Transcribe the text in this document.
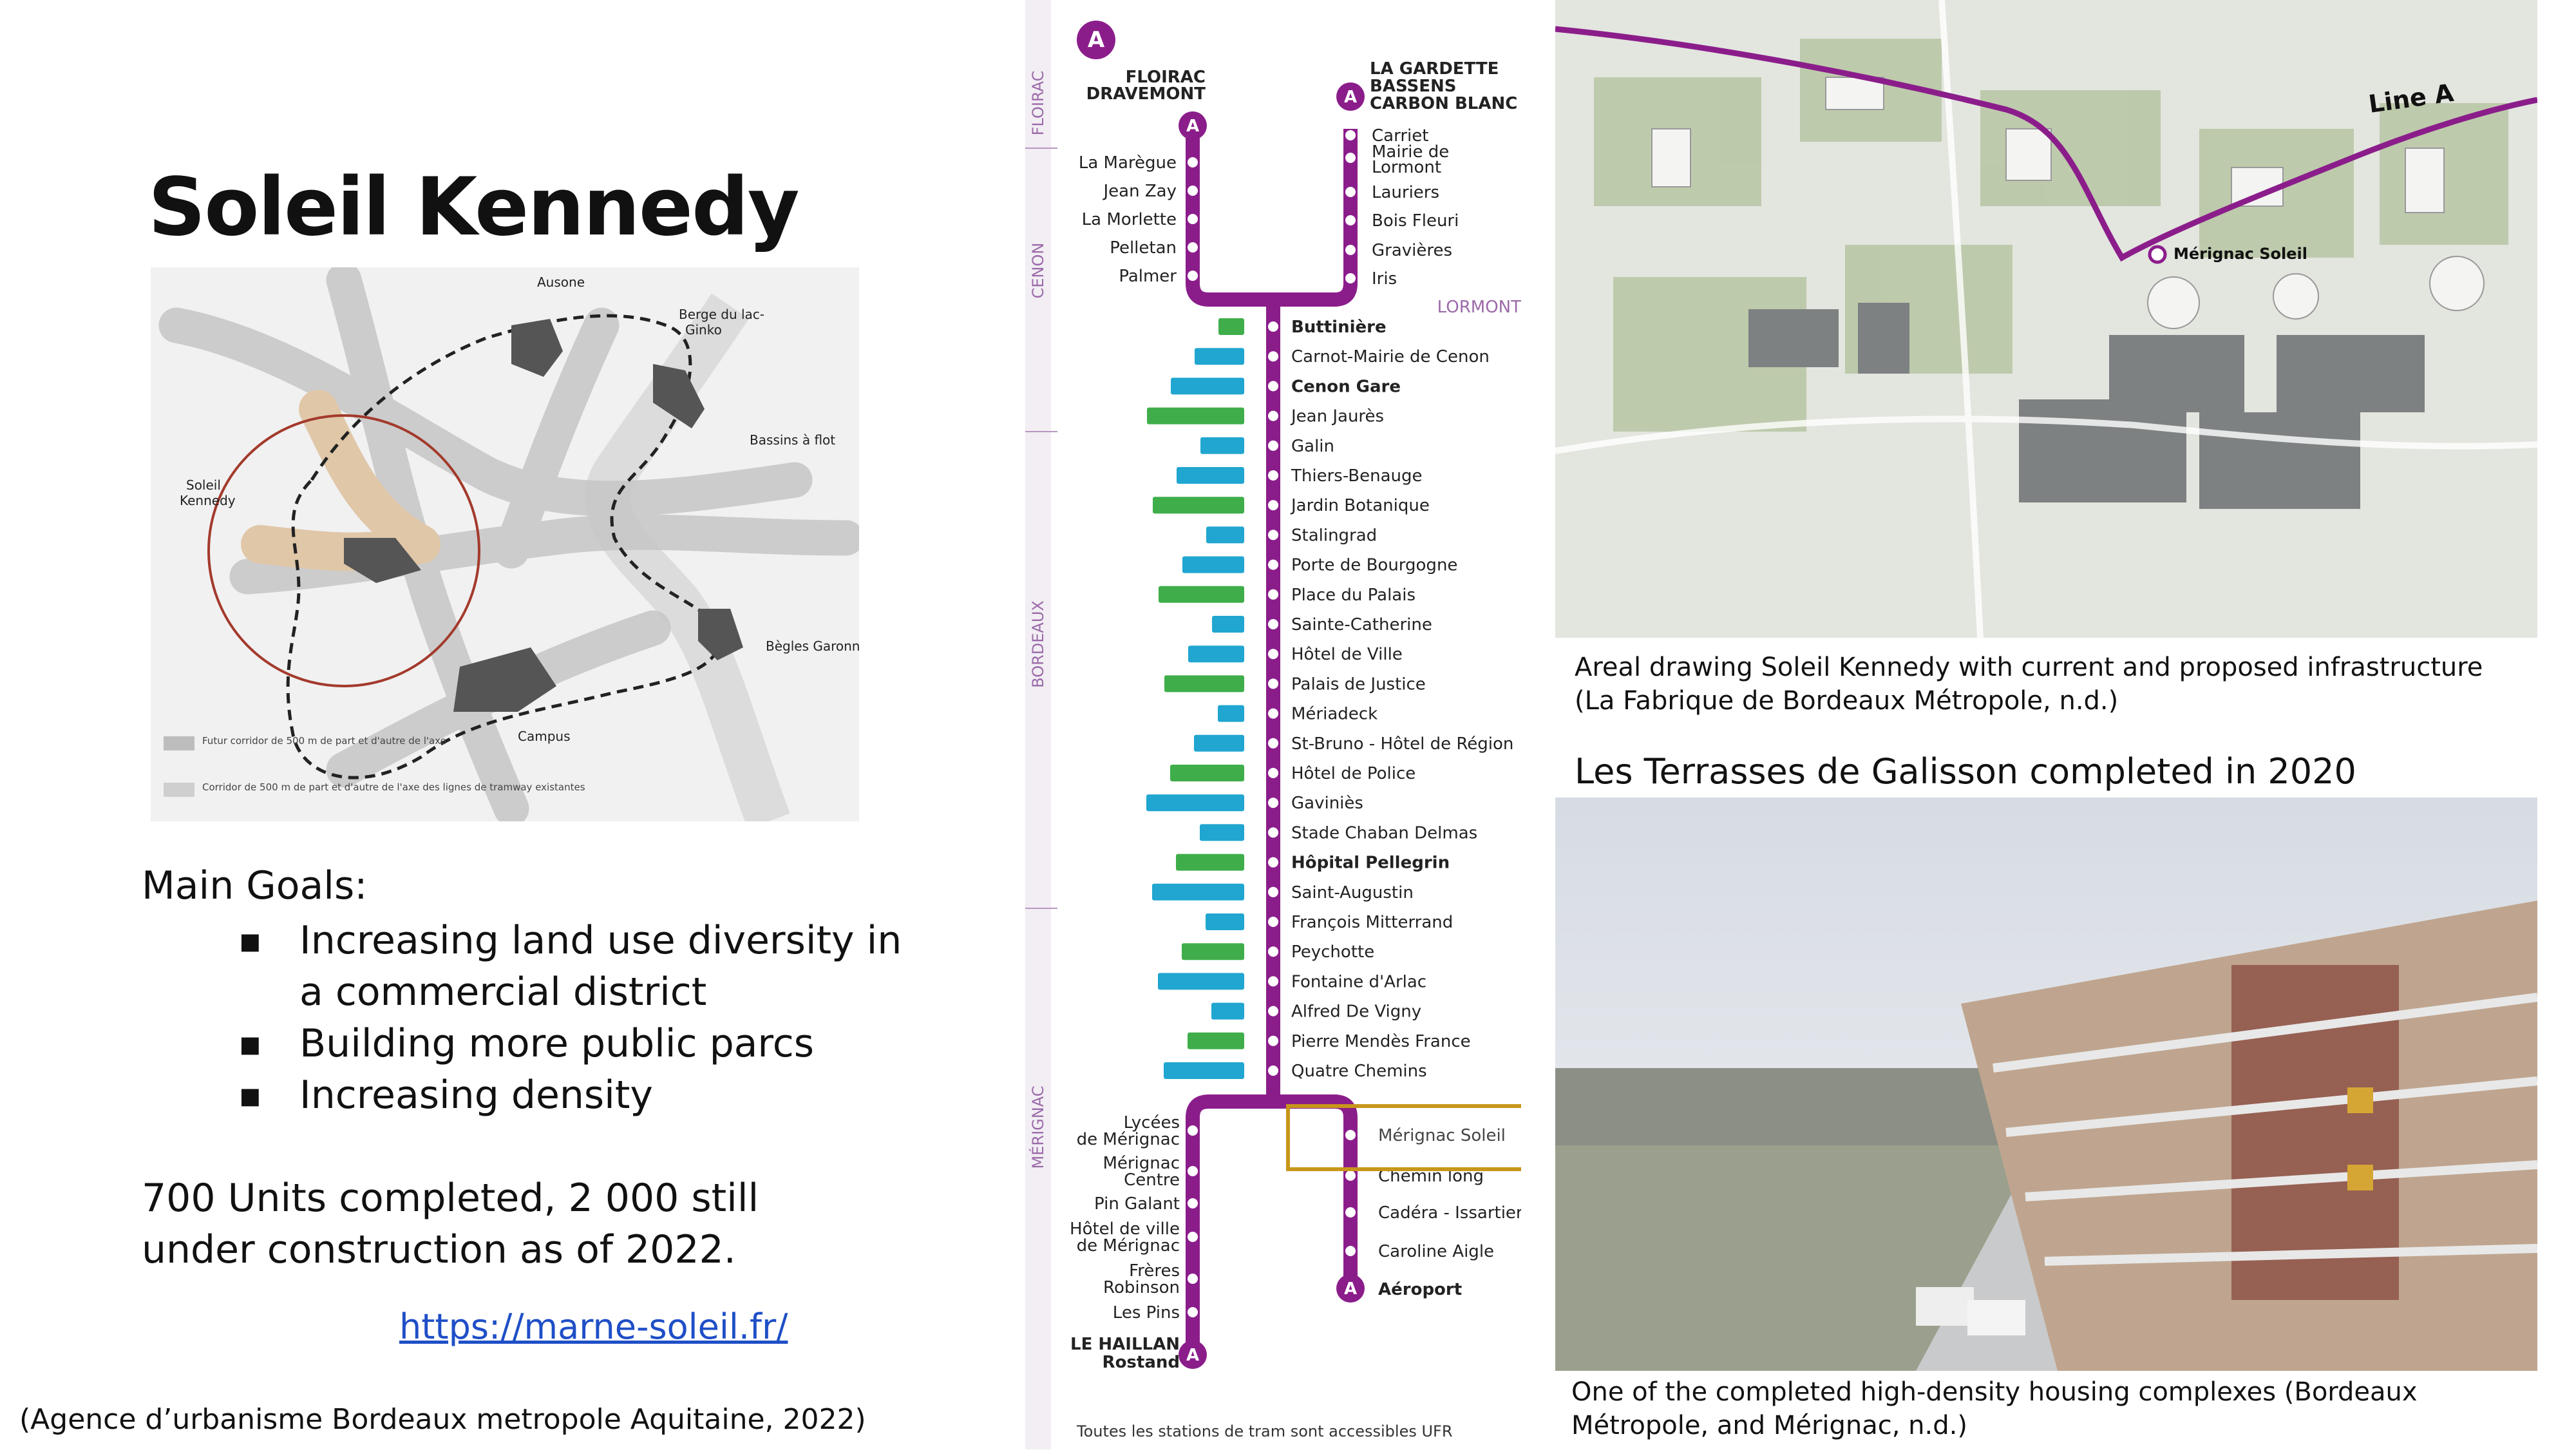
Soleil Kennedy
Ausone
Berge du lac-Ginko
Bassins à flot
Soleil Kennedy
Bègles Garonne
Campus
Futur corridor de 500 m de part et d'autre de l'axe
Corridor de 500 m de part et d'autre de l'axe des lignes de tramway existantes
Main Goals:
▪ Increasing land use diversity in a commercial district
▪ Building more public parcs
▪ Increasing density
700 Units completed, 2 000 still under construction as of 2022.
https://marne-soleil.fr/
(Agence d’urbanisme Bordeaux metropole Aquitaine, 2022)
FLOIRAC
CENON
BORDEAUX
MÉRIGNAC
LORMONT
A
A
A
A
A
FLOIRAC DRAVEMONT
LA GARDETTE BASSENS CARBON BLANC
LE HAILLAN Rostand
Aéroport
La Marègue
Jean Zay
La Morlette
Pelletan
Palmer
Carriet
Mairie de Lormont
Lauriers
Bois Fleuri
Gravières
Iris
Buttinière
Carnot-Mairie de Cenon
Cenon Gare
Jean Jaurès
Galin
Thiers-Benauge
Jardin Botanique
Stalingrad
Porte de Bourgogne
Place du Palais
Sainte-Catherine
Hôtel de Ville
Palais de Justice
Mériadeck
St-Bruno - Hôtel de Région
Hôtel de Police
Gaviniès
Stade Chaban Delmas
Hôpital Pellegrin
Saint-Augustin
François Mitterrand
Peychotte
Fontaine d'Arlac
Alfred De Vigny
Pierre Mendès France
Quatre Chemins
Lycées de Mérignac
Mérignac Centre
Pin Galant
Hôtel de ville de Mérignac
Frères Robinson
Les Pins
Mérignac Soleil
Chemin long
Cadéra - Issartier
Caroline Aigle
Toutes les stations de tram sont accessibles UFR
Mérignac Soleil
Line A
Areal drawing Soleil Kennedy with current and proposed infrastructure (La Fabrique de Bordeaux Métropole, n.d.)
Les Terrasses de Galisson completed in 2020
One of the completed high-density housing complexes (Bordeaux Métropole, and Mérignac, n.d.)
